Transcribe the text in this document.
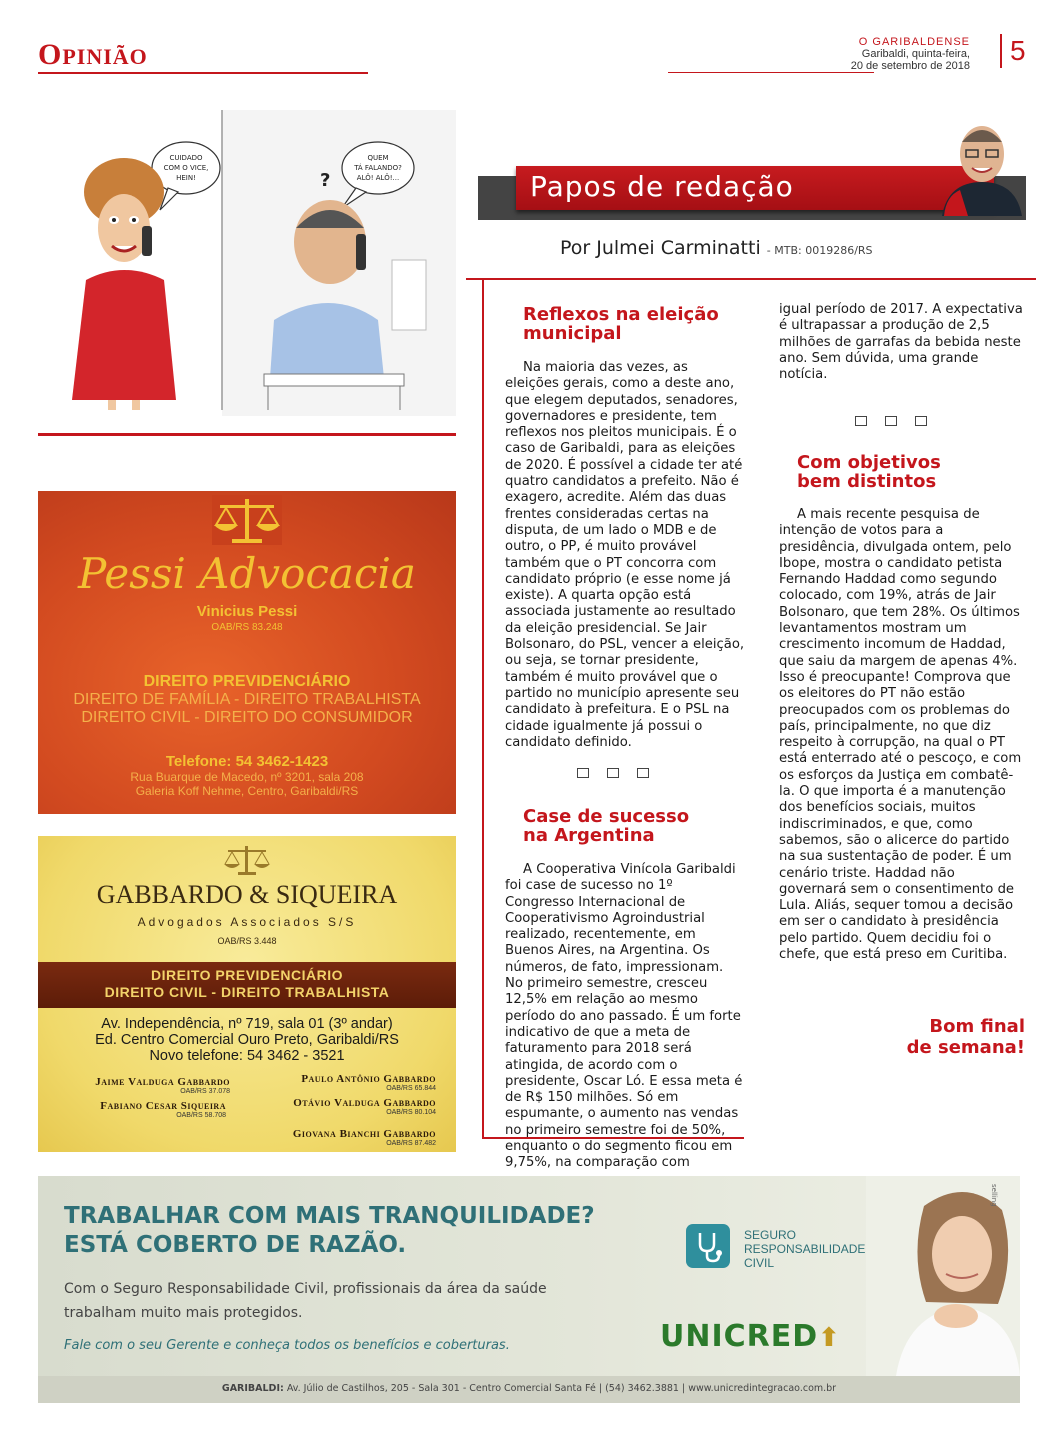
OPINIÃO
O GARIBALDENSE
Garibaldi, quinta-feira,
20 de setembro de 2018	5
CUIDADO COM O VICE, HEIN!
QUEM TÁ FALANDO? ALÔ! ALÔ!...
?	Papos de redação
Por Julmei Carminatti - MTB: 0019286/RS
Reflexos na eleição
municipal

Na maioria das vezes, as eleições gerais, como a deste ano, que elegem deputados, senadores, governadores e presidente, tem reflexos nos pleitos municipais. É o caso de Garibaldi, para as eleições de 2020. É possível a cidade ter até quatro candidatos a prefeito. Não é exagero, acredite. Além das duas frentes consideradas certas na disputa, de um lado o MDB e de outro, o PP, é muito provável também que o PT concorra com candidato próprio (e esse nome já existe). A quarta opção está associada justamente ao resultado da eleição presidencial. Se Jair Bolsonaro, do PSL, vencer a eleição, ou seja, se tornar presidente, também é muito provável que o partido no município apresente seu candidato à prefeitura. E o PSL na cidade igualmente já possui o candidato definido.

Case de sucesso
na Argentina

A Cooperativa Vinícola Garibaldi foi case de sucesso no 1º Congresso Internacional de Cooperativismo Agroindustrial realizado, recentemente, em Buenos Aires, na Argentina. Os números, de fato, impressionam. No primeiro semestre, cresceu 12,5% em relação ao mesmo período do ano passado. É um forte indicativo de que a meta de faturamento para 2018 será atingida, de acordo com o presidente, Oscar Ló. E essa meta é de R$ 150 milhões. Só em espumante, o aumento nas vendas no primeiro semestre foi de 50%, enquanto o do segmento ficou em 9,75%, na comparação com

igual período de 2017. A expectativa é ultrapassar a produção de 2,5 milhões de garrafas da bebida neste ano. Sem dúvida, uma grande notícia.
Com objetivos
bem distintos

A mais recente pesquisa de intenção de votos para a presidência, divulgada ontem, pelo Ibope, mostra o candidato petista Fernando Haddad como segundo colocado, com 19%, atrás de Jair Bolsonaro, que tem 28%. Os últimos levantamentos mostram um crescimento incomum de Haddad, que saiu da margem de apenas 4%. Isso é preocupante! Comprova que os eleitores do PT não estão preocupados com os problemas do país, principalmente, no que diz respeito à corrupção, na qual o PT está enterrado até o pescoço, e com os esforços da Justiça em combatê-la. O que importa é a manutenção dos benefícios sociais, muitos indiscriminados, e que, como sabemos, são o alicerce do partido na sua sustentação de poder. É um cenário triste. Haddad não governará sem o consentimento de Lula. Aliás, sequer tomou a decisão em ser o candidato à presidência pelo partido. Quem decidiu foi o chefe, que está preso em Curitiba.

Bom final
de semana!
Pessi Advocacia
Vinicius Pessi
OAB/RS 83.248
DIREITO PREVIDENCIÁRIO
DIREITO DE FAMÍLIA - DIREITO TRABALHISTA
DIREITO CIVIL - DIREITO DO CONSUMIDOR
Telefone: 54 3462-1423
Rua Buarque de Macedo, nº 3201, sala 208
Galeria Koff Nehme, Centro, Garibaldi/RS
GABBARDO & SIQUEIRA
Advogados Associados S/S
OAB/RS 3.448
DIREITO PREVIDENCIÁRIO
DIREITO CIVIL - DIREITO TRABALHISTA
Av. Independência, nº 719, sala 01 (3º andar)
Ed. Centro Comercial Ouro Preto, Garibaldi/RS
Novo telefone: 54 3462 - 3521
Jaime Valduga Gabbardo
OAB/RS 37.078
Paulo Antônio Gabbardo
OAB/RS 65.844
Fabiano Cesar Siqueira
OAB/RS 58.708
Otávio Valduga Gabbardo
OAB/RS 80.104
Giovana Bianchi Gabbardo
OAB/RS 87.482
TRABALHAR COM MAIS TRANQUILIDADE?
ESTÁ COBERTO DE RAZÃO.
Com o Seguro Responsabilidade Civil, profissionais da área da saúde
trabalham muito mais protegidos.
Fale com o seu Gerente e conheça todos os benefícios e coberturas.
SEGURO
RESPONSABILIDADE
CIVIL
UNICRED⬆
selling
GARIBALDI: Av. Júlio de Castilhos, 205 - Sala 301 - Centro Comercial Santa Fé | (54) 3462.3881 | www.unicredintegracao.com.br
